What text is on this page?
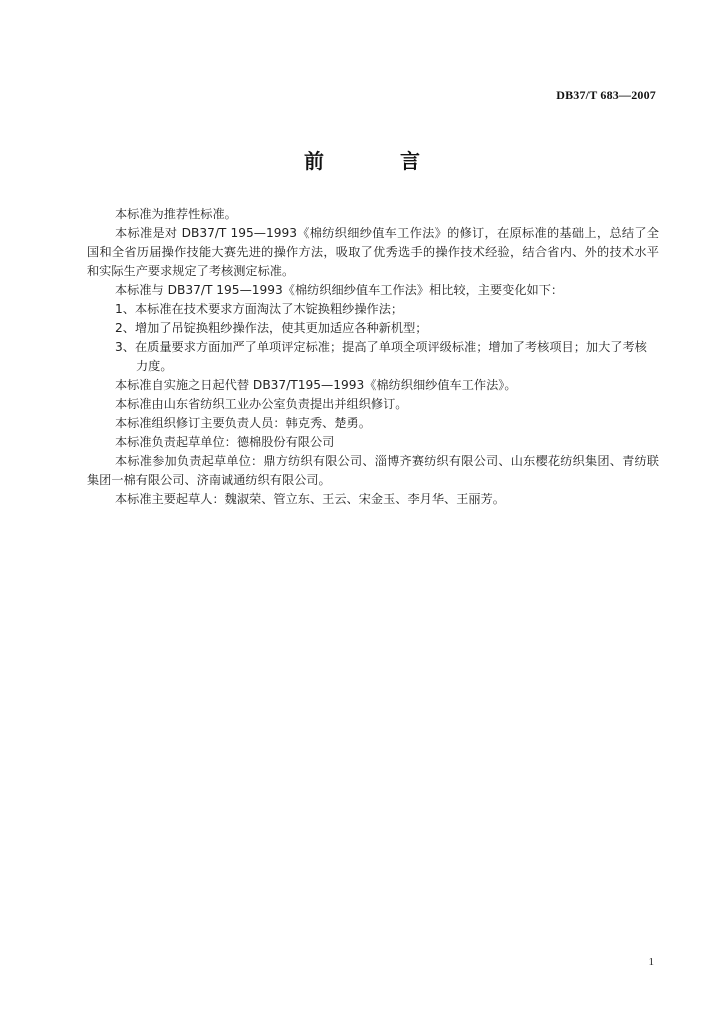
DB37/T 683—2007
前　言

本标准为推荐性标准。

本标准是对 DB37/T 195—1993《棉纺织细纱值车工作法》的修订，在原标准的基础上，总结了全国和全省历届操作技能大赛先进的操作方法，吸取了优秀选手的操作技术经验，结合省内、外的技术水平和实际生产要求规定了考核测定标准。

本标准与 DB37/T 195—1993《棉纺织细纱值车工作法》相比较，主要变化如下：

1、本标准在技术要求方面淘汰了木锭换粗纱操作法；

2、增加了吊锭换粗纱操作法，使其更加适应各种新机型；

3、在质量要求方面加严了单项评定标准；提高了单项全项评级标准；增加了考核项目；加大了考核力度。

本标准自实施之日起代替 DB37/T195—1993《棉纺织细纱值车工作法》。

本标准由山东省纺织工业办公室负责提出并组织修订。

本标准组织修订主要负责人员：韩克秀、楚勇。

本标准负责起草单位：德棉股份有限公司

本标准参加负责起草单位：鼎方纺织有限公司、淄博齐赛纺织有限公司、山东樱花纺织集团、青纺联集团一棉有限公司、济南诚通纺织有限公司。

本标准主要起草人：魏淑荣、管立东、王云、宋金玉、李月华、王丽芳。

1
